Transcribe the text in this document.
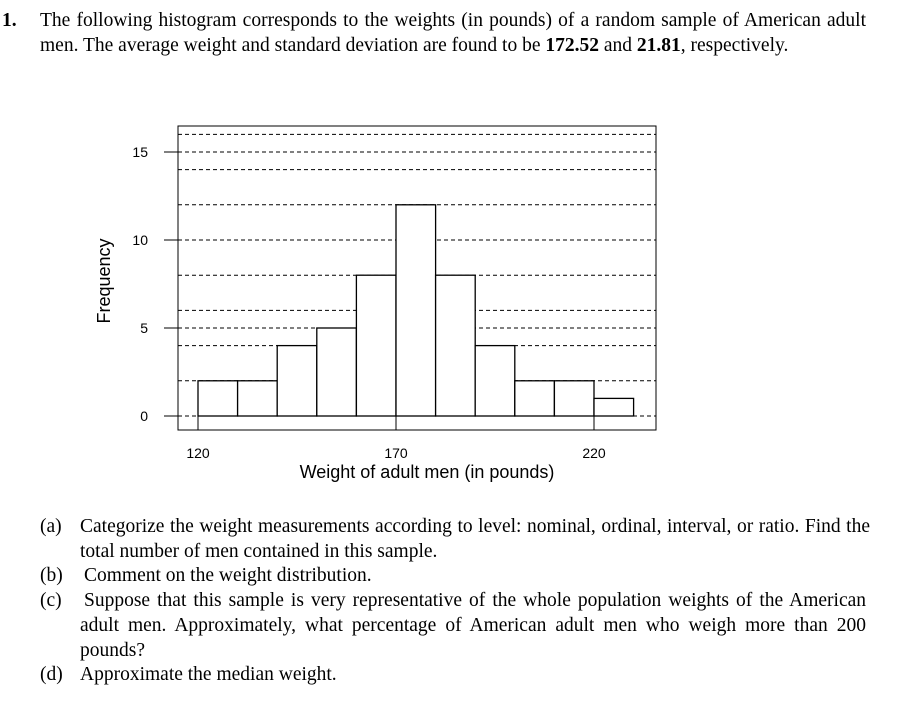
1. The following histogram corresponds to the weights (in pounds) of a random sample of American adult men. The average weight and standard deviation are found to be 172.52 and 21.81, respectively.
0
5
10
15
120	170	220
Weight of adult men (in pounds)
Frequency
(a) Categorize the weight measurements according to level: nominal, ordinal, interval, or ratio. Find the total number of men contained in this sample.
(b) Comment on the weight distribution.
(c) Suppose that this sample is very representative of the whole population weights of the American adult men. Approximately, what percentage of American adult men who weigh more than 200 pounds?
(d) Approximate the median weight.
